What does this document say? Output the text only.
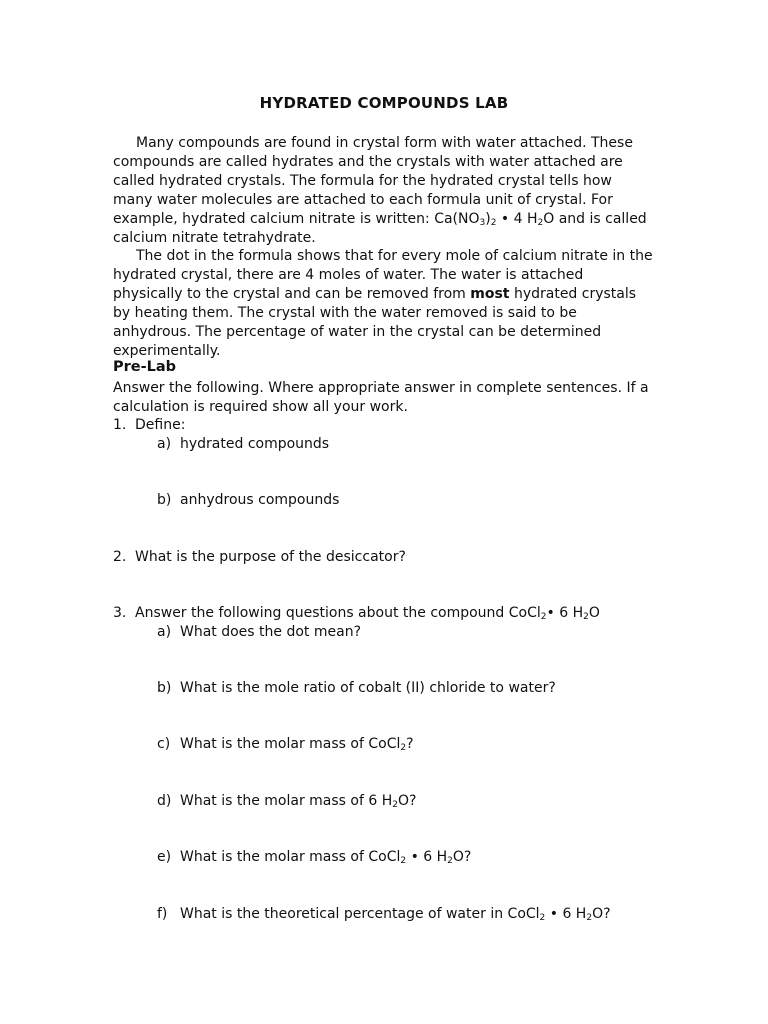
HYDRATED COMPOUNDS LAB

Many compounds are found in crystal form with water attached. These compounds are called hydrates and the crystals with water attached are called hydrated crystals. The formula for the hydrated crystal tells how many water molecules are attached to each formula unit of crystal. For example, hydrated calcium nitrate is written: $Ca(NO_3)_2$ • 4 $H_2O$ and is called calcium nitrate tetrahydrate.

The dot in the formula shows that for every mole of calcium nitrate in the hydrated crystal, there are 4 moles of water. The water is attached physically to the crystal and can be removed from most hydrated crystals by heating them. The crystal with the water removed is said to be anhydrous. The percentage of water in the crystal can be determined experimentally.

Pre-Lab
Answer the following. Where appropriate answer in complete sentences. If a calculation is required show all your work.
1. Define:
a) hydrated compounds
b) anhydrous compounds
2. What is the purpose of the desiccator?
3. Answer the following questions about the compound CoCl$_2$• 6 $H_2O$
a) What does the dot mean?
b) What is the mole ratio of cobalt (II) chloride to water?
c) What is the molar mass of CoCl$_2$?
d) What is the molar mass of 6 $H_2O$?
e) What is the molar mass of CoCl$_2$ • 6 $H_2O$?
f) What is the theoretical percentage of water in CoCl$_2$ • 6 $H_2O$?
